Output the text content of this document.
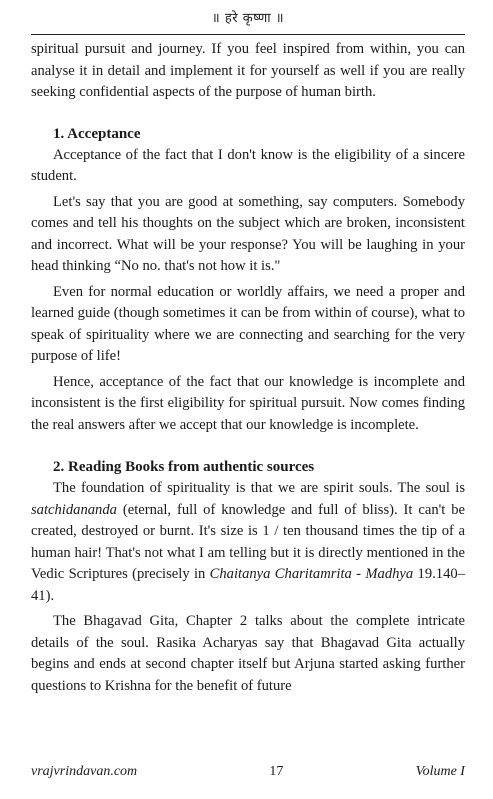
॥ हरे कृष्णा ॥

spiritual pursuit and journey. If you feel inspired from within, you can analyse it in detail and implement it for yourself as well if you are really seeking confidential aspects of the purpose of human birth.

1. Acceptance

Acceptance of the fact that I don't know is the eligibility of a sincere student.

Let's say that you are good at something, say computers. Somebody comes and tell his thoughts on the subject which are broken, inconsistent and incorrect. What will be your response? You will be laughing in your head thinking “No no. that's not how it is."

Even for normal education or worldly affairs, we need a proper and learned guide (though sometimes it can be from within of course), what to speak of spirituality where we are connecting and searching for the very purpose of life!

Hence, acceptance of the fact that our knowledge is incomplete and inconsistent is the first eligibility for spiritual pursuit. Now comes finding the real answers after we accept that our knowledge is incomplete.

2. Reading Books from authentic sources

The foundation of spirituality is that we are spirit souls. The soul is satchidananda (eternal, full of knowledge and full of bliss). It can't be created, destroyed or burnt. It's size is 1 / ten thousand times the tip of a human hair! That's not what I am telling but it is directly mentioned in the Vedic Scriptures (precisely in Chaitanya Charitamrita - Madhya 19.140–41).

The Bhagavad Gita, Chapter 2 talks about the complete intricate details of the soul. Rasika Acharyas say that Bhagavad Gita actually begins and ends at second chapter itself but Arjuna started asking further questions to Krishna for the benefit of future

vrajvrindavan.com	17	Volume I
